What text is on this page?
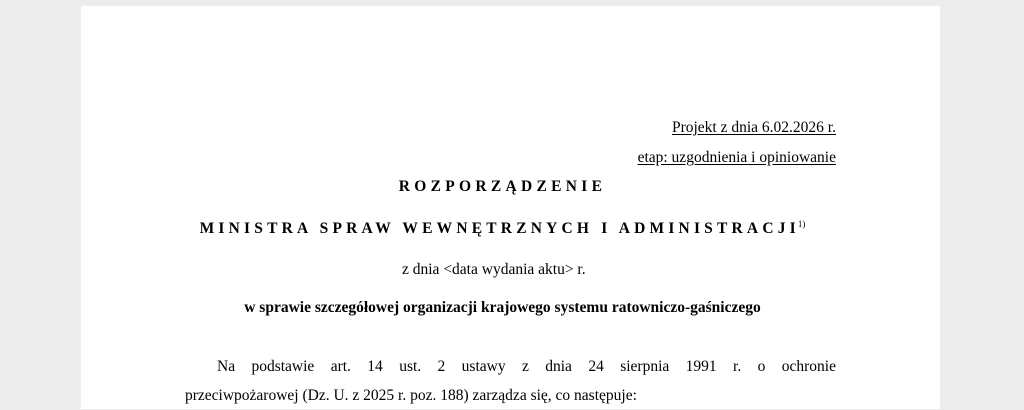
Projekt z dnia 6.02.2026 r.
etap: uzgodnienia i opiniowanie
ROZPORZĄDZENIE
MINISTRA SPRAW WEWNĘTRZNYCH I ADMINISTRACJI$^{1)}$
z dnia <data wydania aktu> r.
w sprawie szczegółowej organizacji krajowego systemu ratowniczo-gaśniczego
Na podstawie art. 14 ust. 2 ustawy z dnia 24 sierpnia 1991 r. o ochronie
przeciwpożarowej (Dz. U. z 2025 r. poz. 188) zarządza się, co następuje:
